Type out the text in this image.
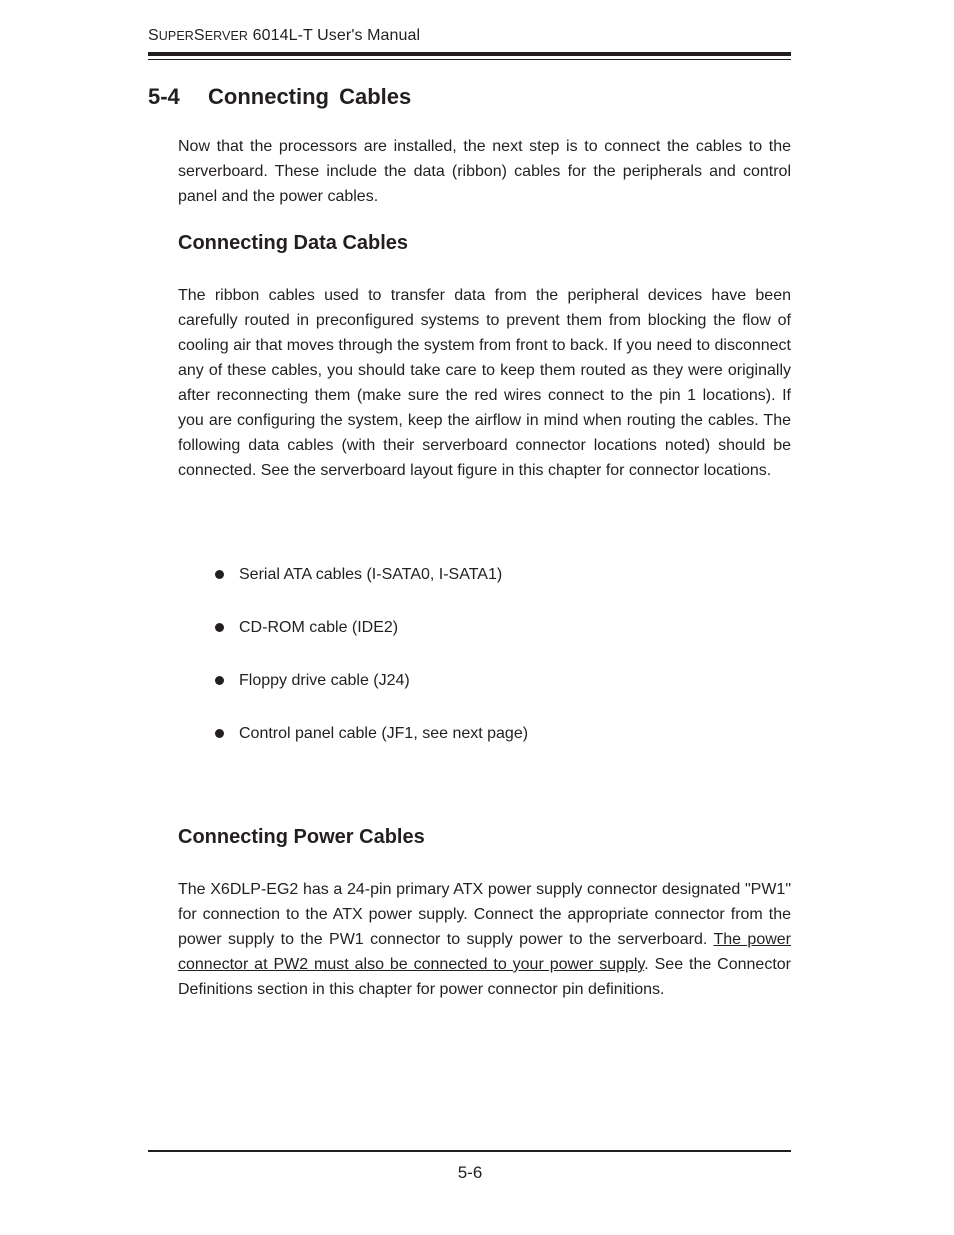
SUPERSERVER 6014L-T User's Manual
5-4 Connecting Cables

Now that the processors are installed, the next step is to connect the cables to the serverboard. These include the data (ribbon) cables for the peripherals and control panel and the power cables.

Connecting Data Cables

The ribbon cables used to transfer data from the peripheral devices have been carefully routed in preconfigured systems to prevent them from blocking the flow of cooling air that moves through the system from front to back. If you need to disconnect any of these cables, you should take care to keep them routed as they were originally after reconnecting them (make sure the red wires connect to the pin 1 locations). If you are configuring the system, keep the airflow in mind when routing the cables. The following data cables (with their serverboard connector locations noted) should be connected. See the serverboard layout figure in this chapter for connector locations.

Serial ATA cables (I-SATA0, I-SATA1)
CD-ROM cable (IDE2)
Floppy drive cable (J24)
Control panel cable (JF1, see next page)
Connecting Power Cables

The X6DLP-EG2 has a 24-pin primary ATX power supply connector designated "PW1" for connection to the ATX power supply. Connect the appropriate connector from the power supply to the PW1 connector to supply power to the serverboard. The power connector at PW2 must also be connected to your power supply. See the Connector Definitions section in this chapter for power connector pin definitions.

5-6
